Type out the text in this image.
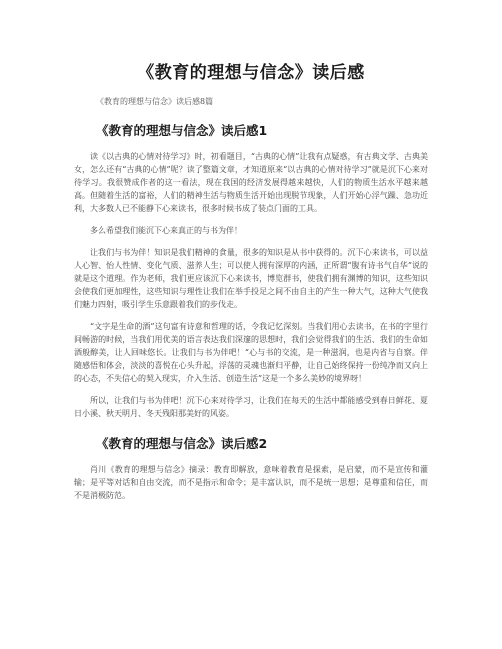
《教育的理想与信念》读后感
《教育的理想与信念》读后感8篇
《教育的理想与信念》读后感1

读《以古典的心情对待学习》时，初看题目，“古典的心情”让我有点疑惑，有古典文学、古典美女，怎么还有“古典的心情”呢？读了整篇文章，才知道原来“以古典的心情对待学习”就是沉下心来对待学习。我很赞成作者的这一看法，现在我国的经济发展得越来越快，人们的物质生活水平越来越高。但随着生活的富裕，人们的精神生活与物质生活开始出现脱节现象，人们开始心浮气躁、急功近利，大多数人已不能静下心来读书，很多时候书成了装点门面的工具。

多么希望我们能沉下心来真正的与书为伴！

让我们与书为伴！知识是我们精神的食量，很多的知识是从书中获得的。沉下心来读书，可以益人心智、怡人性情、变化气质、滋养人生；可以使人拥有深厚的内涵，正所谓“腹有诗书气自华”说的就是这个道理。作为老师，我们更应该沉下心来读书，博览群书，使我们拥有渊博的知识，这些知识会使我们更加理性，这些知识与理性让我们在举手投足之间不由自主的产生一种大气，这种大气使我们魅力四射，吸引学生乐意跟着我们的步伐走。

“文字是生命的酒”这句富有诗意和哲理的话，令我记忆深刻。当我们用心去读书，在书的字里行间畅游的时候，当我们用优美的语言表达我们深邃的思想时，我们会觉得我们的生活、我们的生命如酒般醇美，让人回味悠长。让我们与书为伴吧！“心与书的交流，是一种滋润，也是内省与自察。伴随感悟和体会，淡淡的喜悦在心头升起，浮荡的灵魂也渐归平静，让自己始终保持一份纯净而又向上的心态，不失信心的契入现实，介入生活、创造生活”这是一个多么美妙的境界呀！

所以，让我们与书为伴吧！沉下心来对待学习，让我们在每天的生活中都能感受到春日鲜花、夏日小溪、秋天明月、冬天残阳那美好的风姿。

《教育的理想与信念》读后感2

肖川《教育的理想与信念》摘录：教育即解放，意味着教育是探索，是启蒙，而不是宣传和灌输；是平等对话和自由交流，而不是指示和命令；是丰富认识，而不是统一思想；是尊重和信任，而不是消极防范。
